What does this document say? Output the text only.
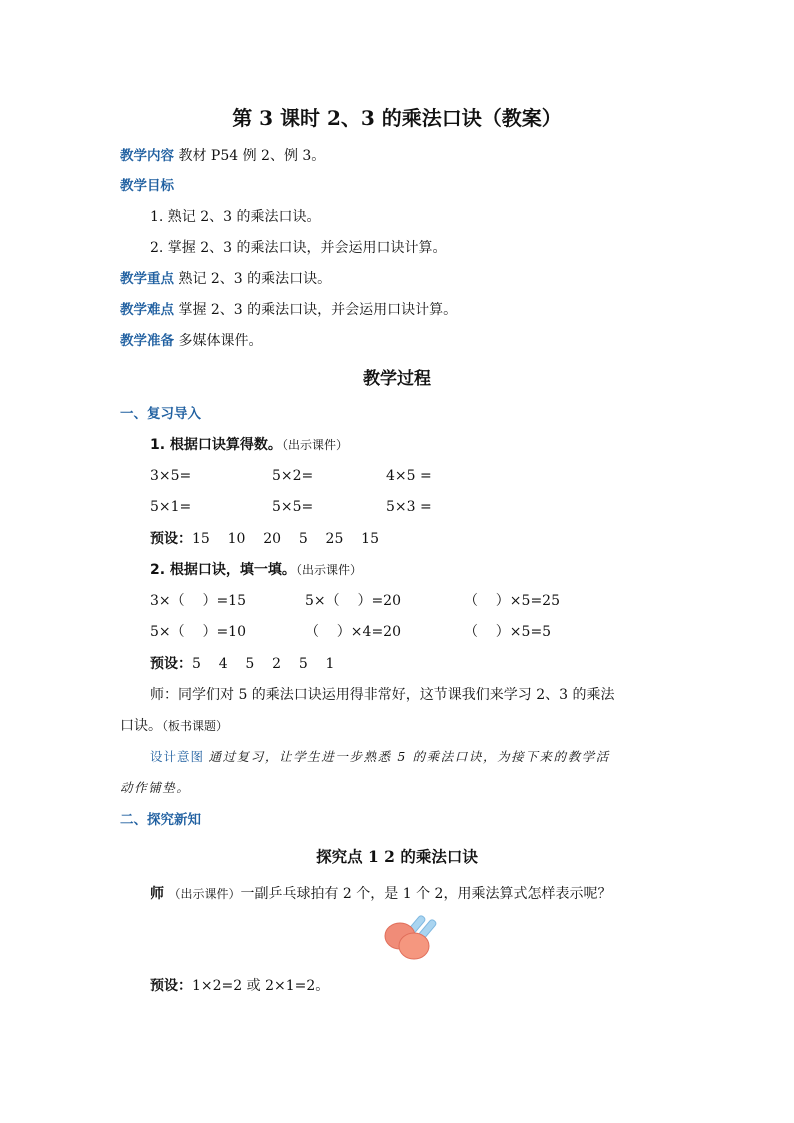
第 3 课时 2、3 的乘法口诀（教案）
教学内容 教材 P54 例 2、例 3。
教学目标
1. 熟记 2、3 的乘法口诀。
2. 掌握 2、3 的乘法口诀，并会运用口诀计算。
教学重点 熟记 2、3 的乘法口诀。
教学难点 掌握 2、3 的乘法口诀，并会运用口诀计算。
教学准备 多媒体课件。
教学过程
一、复习导入
1. 根据口诀算得数。（出示课件）
3×5=	5×2=	4×5 =
5×1=	5×5=	5×3 =
预设：15    10    20    5    25    15
2. 根据口诀，填一填。（出示课件）
3×（    ）=15	5×（    ）=20	（    ）×5=25
5×（    ）=10	（    ）×4=20	（    ）×5=5
预设：5    4    5    2    5    1
师：同学们对 5 的乘法口诀运用得非常好，这节课我们来学习 2、3 的乘法
口诀。（板书课题）
设计意图 通过复习，让学生进一步熟悉 5 的乘法口诀，为接下来的教学活
动作铺垫。
二、探究新知
探究点 1 2 的乘法口诀
师 （出示课件）一副乒乓球拍有 2 个，是 1 个 2，用乘法算式怎样表示呢？
预设：1×2=2 或 2×1=2。
